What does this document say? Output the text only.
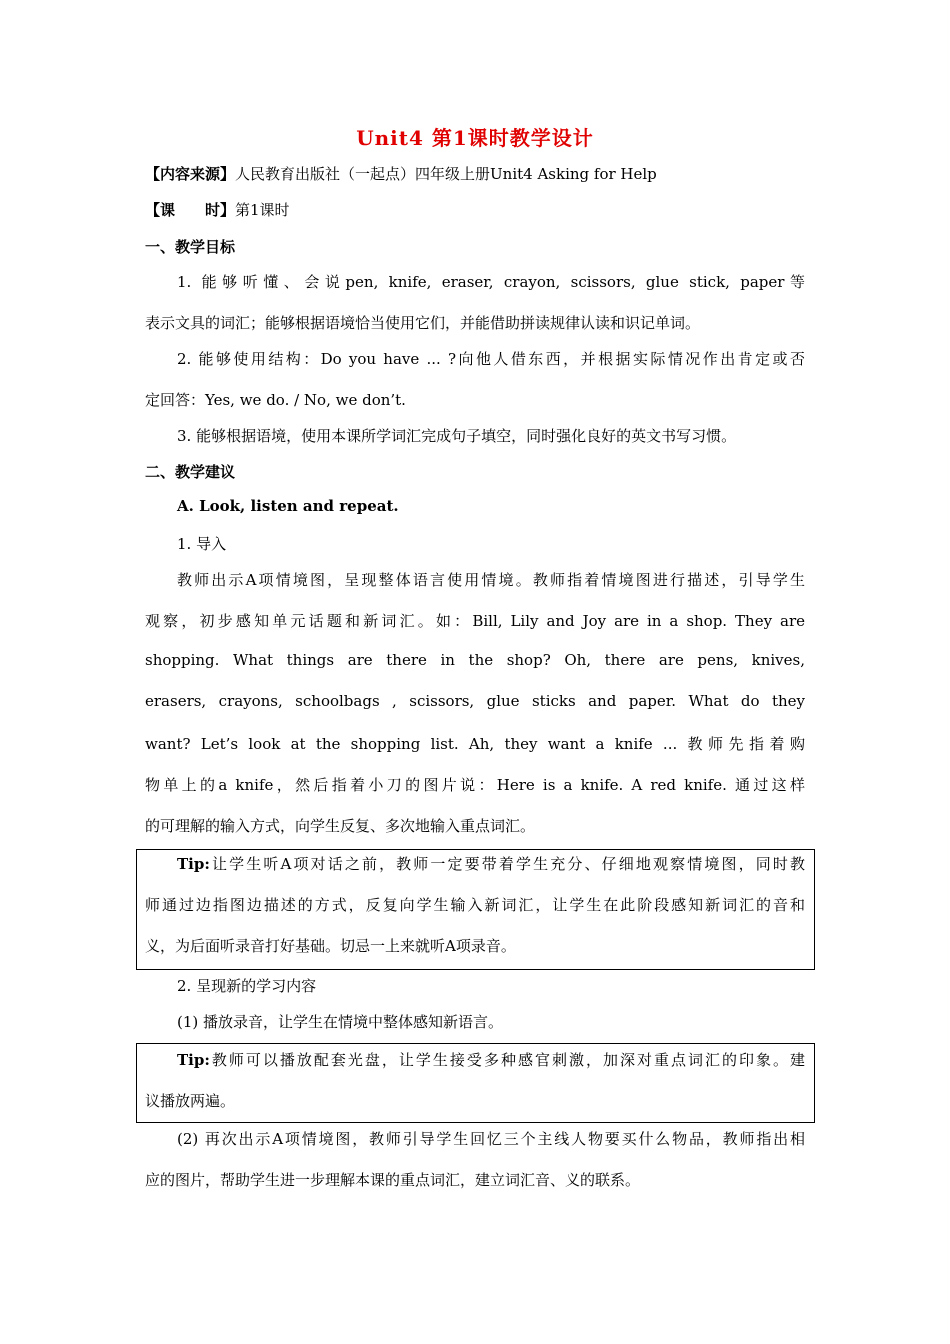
Unit4 第1课时教学设计
【内容来源】人民教育出版社（一起点）四年级上册Unit4 Asking for Help
【课　　时】第1课时
一、教学目标
1. 能够听懂、会说pen, knife, eraser, crayon, scissors, glue stick, paper等
表示文具的词汇；能够根据语境恰当使用它们，并能借助拼读规律认读和识记单词。
2. 能够使用结构：Do you have ... ?向他人借东西，并根据实际情况作出肯定或否
定回答：Yes, we do. / No, we don’t.
3. 能够根据语境，使用本课所学词汇完成句子填空，同时强化良好的英文书写习惯。
二、教学建议
A. Look, listen and repeat.
1. 导入
教师出示A项情境图，呈现整体语言使用情境。教师指着情境图进行描述，引导学生
观察，初步感知单元话题和新词汇。如：Bill, Lily and Joy are in a shop. They are
shopping. What things are there in the shop? Oh, there are pens, knives,
erasers, crayons, schoolbags , scissors, glue sticks and paper. What do they
want? Let’s look at the shopping list. Ah, they want a knife ... 教师先指着购
物单上的a knife，然后指着小刀的图片说：Here is a knife. A red knife. 通过这样
的可理解的输入方式，向学生反复、多次地输入重点词汇。
Tip:让学生听A项对话之前，教师一定要带着学生充分、仔细地观察情境图，同时教
师通过边指图边描述的方式，反复向学生输入新词汇，让学生在此阶段感知新词汇的音和
义，为后面听录音打好基础。切忌一上来就听A项录音。
2. 呈现新的学习内容
(1) 播放录音，让学生在情境中整体感知新语言。
Tip:教师可以播放配套光盘，让学生接受多种感官刺激，加深对重点词汇的印象。建
议播放两遍。
(2) 再次出示A项情境图，教师引导学生回忆三个主线人物要买什么物品，教师指出相
应的图片，帮助学生进一步理解本课的重点词汇，建立词汇音、义的联系。
